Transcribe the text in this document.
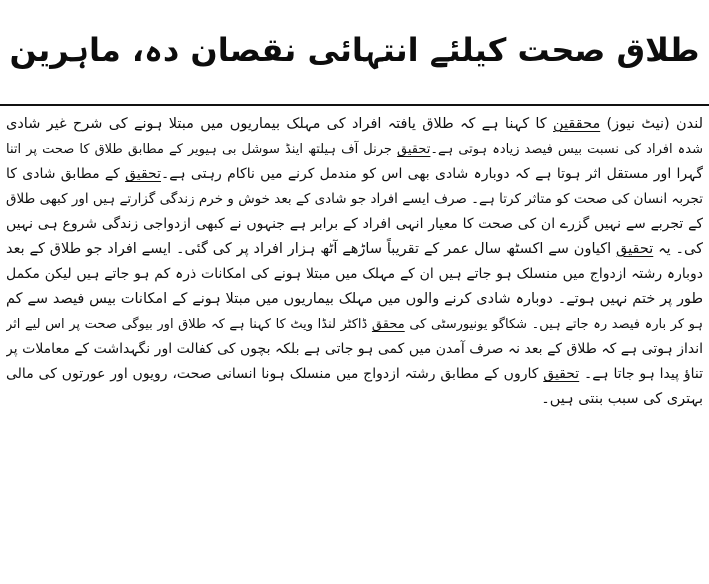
طلاق صحت کیلئے انتہائی نقصان دہ، ماہرین
لندن (نیٹ نیوز) محققین کا کہنا ہے کہ طلاق یافتہ افراد کی مہلک بیماریوں میں مبتلا ہونے کی شرح غیر شادی
شدہ افراد کی نسبت بیس فیصد زیادہ ہوتی ہے۔تحقیق جرنل آف ہیلتھ اینڈ سوشل بی ہیویر کے مطابق طلاق کا صحت پر اتنا
گہرا اور مستقل اثر ہوتا ہے کہ دوبارہ شادی بھی اس کو مندمل کرنے میں ناکام رہتی ہے۔تحقیق کے مطابق شادی کا
تجربہ انسان کی صحت کو متاثر کرتا ہے۔ صرف ایسے افراد جو شادی کے بعد خوش و خرم زندگی گزارتے ہیں اور کبھی طلاق
کے تجربے سے نہیں گزرے ان کی صحت کا معیار انہی افراد کے برابر ہے جنہوں نے کبھی ازدواجی زندگی شروع ہی نہیں
کی۔ یہ تحقیق اکیاون سے اکسٹھ سال عمر کے تقریباً ساڑھے آٹھ ہزار افراد پر کی گئی۔ ایسے افراد جو طلاق کے بعد
دوبارہ رشتہ ازدواج میں منسلک ہو جاتے ہیں ان کے مہلک میں مبتلا ہونے کی امکانات ذرہ کم ہو جاتے ہیں لیکن مکمل
طور پر ختم نہیں ہوتے۔ دوبارہ شادی کرنے والوں میں مہلک بیماریوں میں مبتلا ہونے کے امکانات بیس فیصد سے کم
ہو کر بارہ فیصد رہ جاتے ہیں۔ شکاگو یونیورسٹی کی محقق ڈاکٹر لنڈا ویٹ کا کہنا ہے کہ طلاق اور بیوگی صحت پر اس لیے اثر
انداز ہوتی ہے کہ طلاق کے بعد نہ صرف آمدن میں کمی ہو جاتی ہے بلکہ بچوں کی کفالت اور نگہداشت کے معاملات پر
تناؤ پیدا ہو جاتا ہے۔ تحقیق کاروں کے مطابق رشتہ ازدواج میں منسلک ہونا انسانی صحت، رویوں اور عورتوں کی مالی
بہتری کی سبب بنتی ہیں۔
